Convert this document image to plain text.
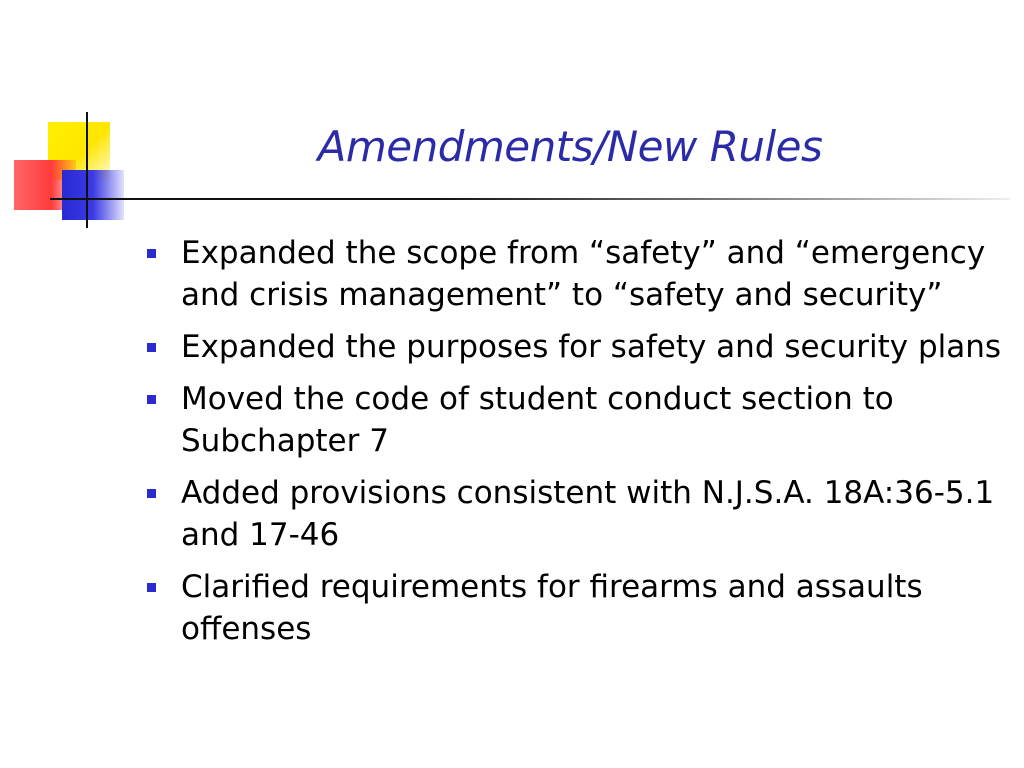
Amendments/New Rules
Expanded the scope from “safety” and “emergency and crisis management” to “safety and security”
Expanded the purposes for safety and security plans
Moved the code of student conduct section to Subchapter 7
Added provisions consistent with N.J.S.A. 18A:36-5.1 and 17-46
Clarified requirements for firearms and assaults offenses
